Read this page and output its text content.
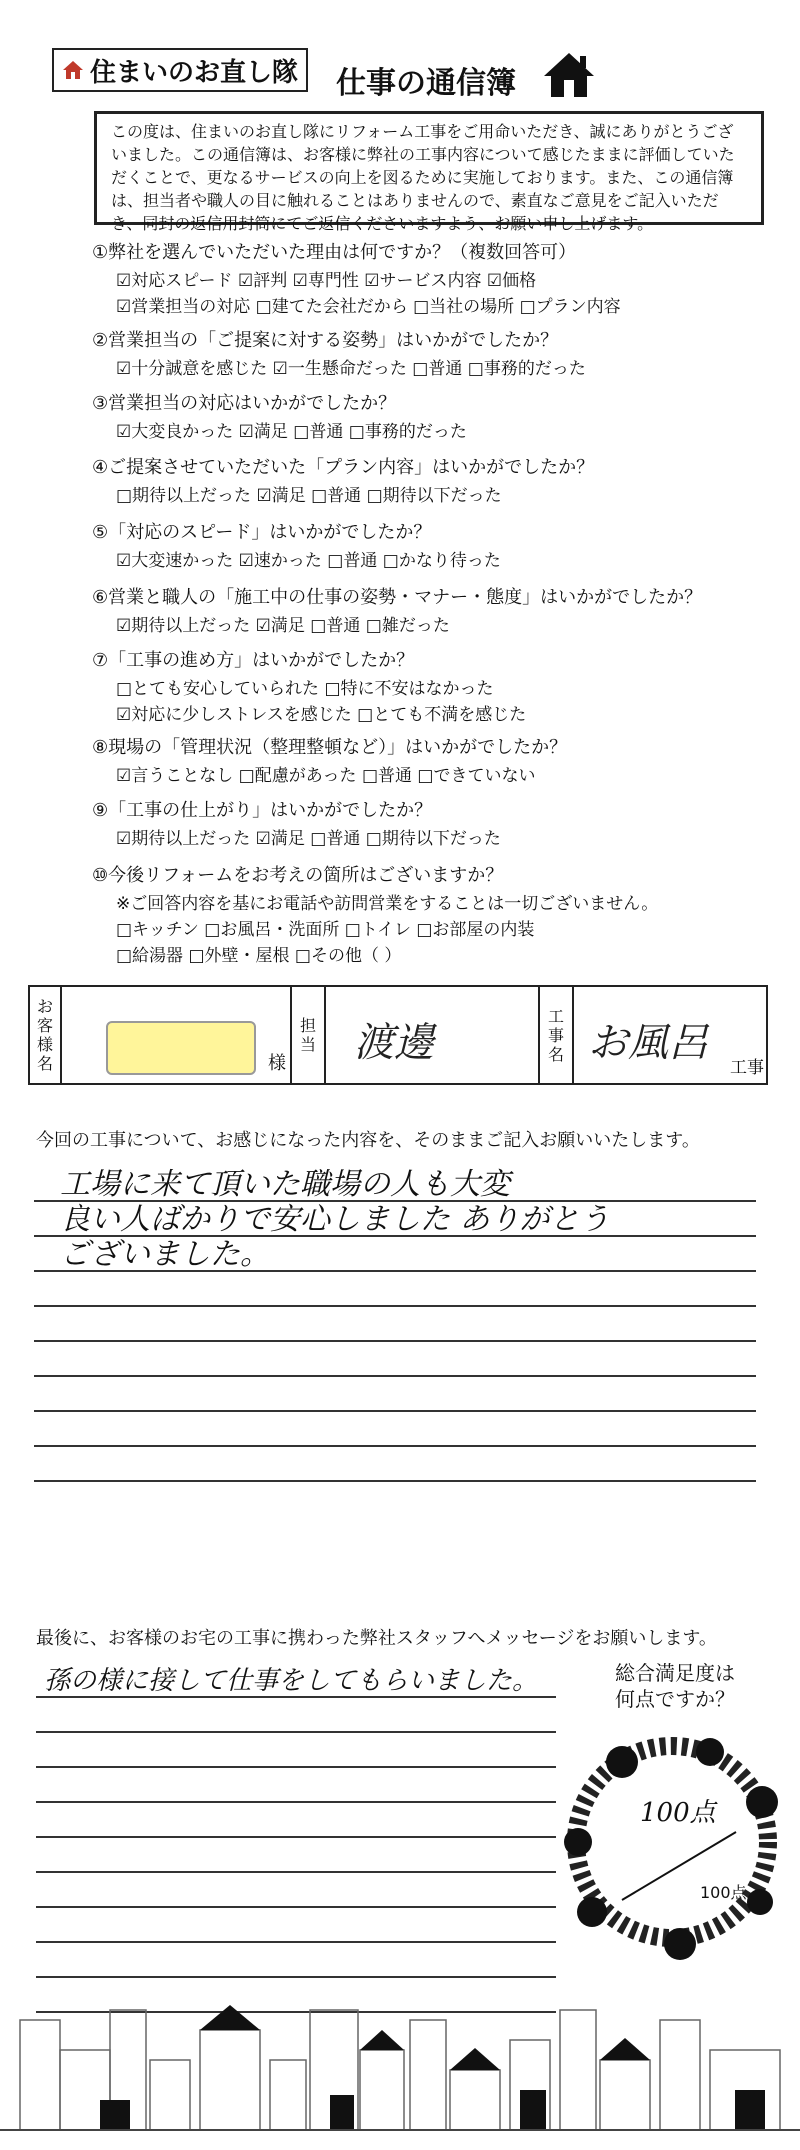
住まいのお直し隊 仕事の通信簿
この度は、住まいのお直し隊にリフォーム工事をご用命いただき、誠にありがとうございました。この通信簿は、お客様に弊社の工事内容について感じたままに評価していただくことで、更なるサービスの向上を図るために実施しております。また、この通信簿は、担当者や職人の目に触れることはありませんので、素直なご意見をご記入いただき、同封の返信用封筒にてご返信くださいますよう、お願い申し上げます。
①弊社を選んでいただいた理由は何ですか？（複数回答可）
☑対応スピード ☑評判 ☑専門性 ☑サービス内容 ☑価格
☑営業担当の対応 □建てた会社だから □当社の場所 □プラン内容
②営業担当の「ご提案に対する姿勢」はいかがでしたか？
☑十分誠意を感じた ☑一生懸命だった □普通 □事務的だった
③営業担当の対応はいかがでしたか？
☑大変良かった ☑満足 □普通 □事務的だった
④ご提案させていただいた「プラン内容」はいかがでしたか？
□期待以上だった ☑満足 □普通 □期待以下だった
⑤「対応のスピード」はいかがでしたか？
☑大変速かった ☑速かった □普通 □かなり待った
⑥営業と職人の「施工中の仕事の姿勢・マナー・態度」はいかがでしたか？
☑期待以上だった ☑満足 □普通 □雑だった
⑦「工事の進め方」はいかがでしたか？
□とても安心していられた □特に不安はなかった
☑対応に少しストレスを感じた □とても不満を感じた
⑧現場の「管理状況（整理整頓など）」はいかがでしたか？
☑言うことなし □配慮があった □普通 □できていない
⑨「工事の仕上がり」はいかがでしたか？
☑期待以上だった ☑満足 □普通 □期待以下だった
⑩今後リフォームをお考えの箇所はございますか？
※ご回答内容を基にお電話や訪問営業をすることは一切ございません。
□キッチン □お風呂・洗面所 □トイレ □お部屋の内装
□給湯器 □外壁・屋根 □その他（ ）
お
客
様
名	様
担
当 渡邊
工
事
名 お風呂
工事
今回の工事について、お感じになった内容を、そのままご記入お願いいたします。
工場に来て頂いた職場の人も大変
良い人ばかりで安心しました ありがとう
ございました。
最後に、お客様のお宅の工事に携わった弊社スタッフへメッセージをお願いします。
孫の様に接して仕事をしてもらいました。	総合満足度は
何点ですか？
100点
100点
